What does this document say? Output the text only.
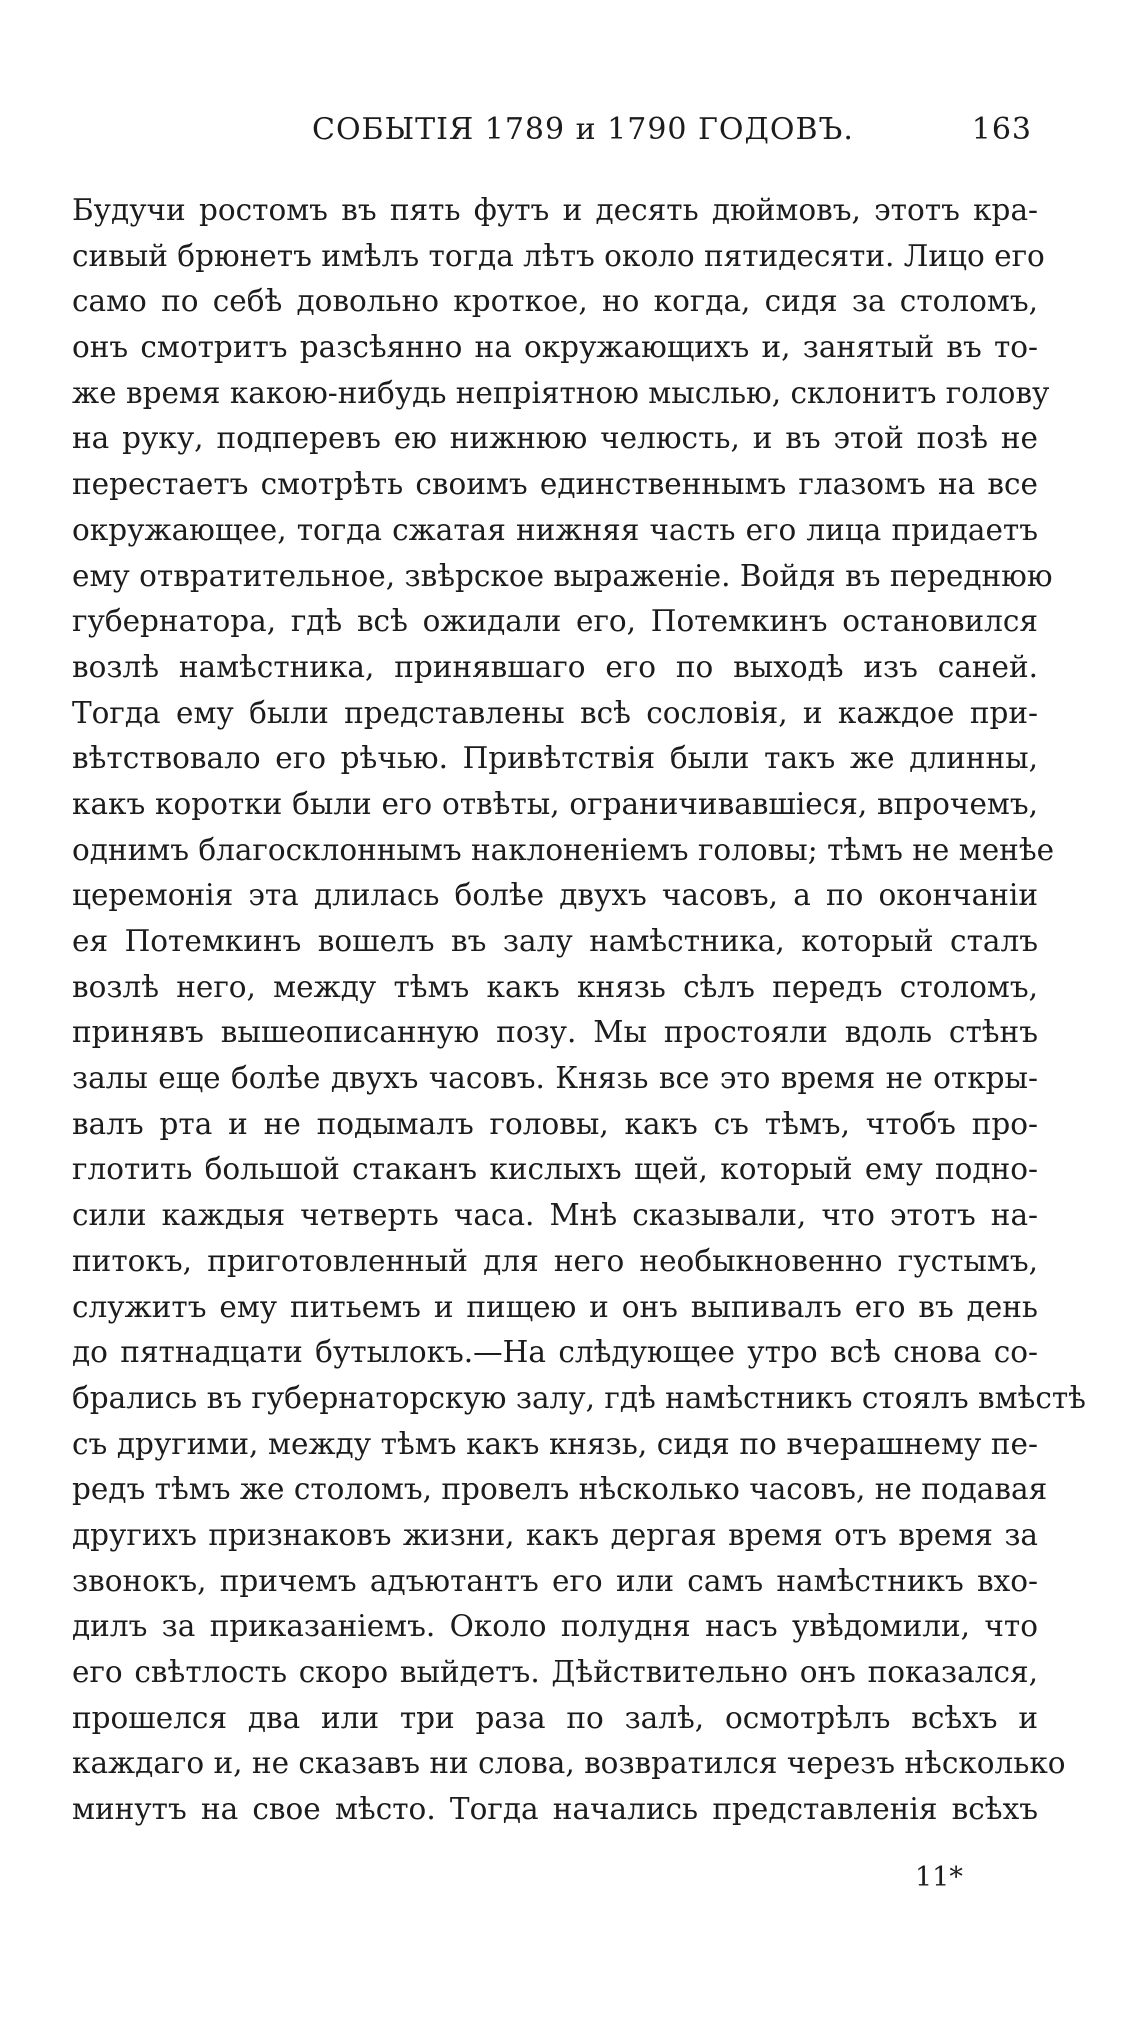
СОБЫТІЯ 1789 и 1790 ГОДОВЪ.	163
Будучи ростомъ въ пять футъ и десять дюймовъ, этотъ кра-
сивый брюнетъ имѣлъ тогда лѣтъ около пятидесяти. Лицо его
само по себѣ довольно кроткое, но когда, сидя за столомъ,
онъ смотритъ разсѣянно на окружающихъ и, занятый въ то-
же время какою-нибудь непріятною мыслью, склонитъ голову
на руку, подперевъ ею нижнюю челюсть, и въ этой позѣ не
перестаетъ смотрѣть своимъ единственнымъ глазомъ на все
окружающее, тогда сжатая нижняя часть его лица придаетъ
ему отвратительное, звѣрское выраженіе. Войдя въ переднюю
губернатора, гдѣ всѣ ожидали его, Потемкинъ остановился
возлѣ намѣстника, принявшаго его по выходѣ изъ саней.
Тогда ему были представлены всѣ сословія, и каждое при-
вѣтствовало его рѣчью. Привѣтствія были такъ же длинны,
какъ коротки были его отвѣты, ограничивавшіеся, впрочемъ,
однимъ благосклоннымъ наклоненіемъ головы; тѣмъ не менѣе
церемонія эта длилась болѣе двухъ часовъ, а по окончаніи
ея Потемкинъ вошелъ въ залу намѣстника, который сталъ
возлѣ него, между тѣмъ какъ князь сѣлъ передъ столомъ,
принявъ вышеописанную позу. Мы простояли вдоль стѣнъ
залы еще болѣе двухъ часовъ. Князь все это время не откры-
валъ рта и не подымалъ головы, какъ съ тѣмъ, чтобъ про-
глотить большой стаканъ кислыхъ щей, который ему подно-
сили каждыя четверть часа. Мнѣ сказывали, что этотъ на-
питокъ, приготовленный для него необыкновенно густымъ,
служитъ ему питьемъ и пищею и онъ выпивалъ его въ день
до пятнадцати бутылокъ.—На слѣдующее утро всѣ снова со-
брались въ губернаторскую залу, гдѣ намѣстникъ стоялъ вмѣстѣ
съ другими, между тѣмъ какъ князь, сидя по вчерашнему пе-
редъ тѣмъ же столомъ, провелъ нѣсколько часовъ, не подавая
другихъ признаковъ жизни, какъ дергая время отъ время за
звонокъ, причемъ адъютантъ его или самъ намѣстникъ вхо-
дилъ за приказаніемъ. Около полудня насъ увѣдомили, что
его свѣтлость скоро выйдетъ. Дѣйствительно онъ показался,
прошелся два или три раза по залѣ, осмотрѣлъ всѣхъ и
каждаго и, не сказавъ ни слова, возвратился черезъ нѣсколько
минутъ на свое мѣсто. Тогда начались представленія всѣхъ
11*
